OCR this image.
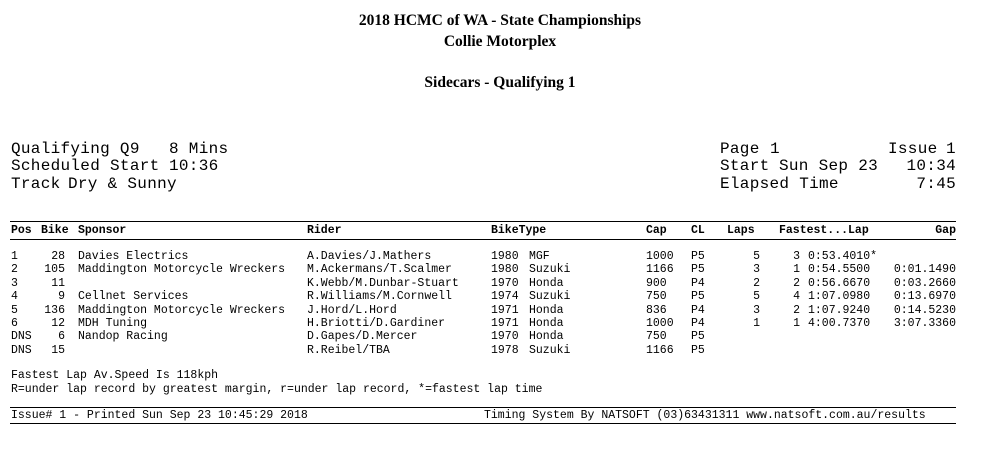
2018 HCMC of WA - State Championships
Collie Motorplex
Sidecars - Qualifying 1
Qualifying Q9 8 Mins
Scheduled Start 10:36
Track Dry & Sunny
Page 1	Issue 1
Start Sun Sep 23	10:34
Elapsed Time	7:45
Pos Bike Sponsor	Rider	BikeType	Cap CL Laps Fastest...Lap	Gap
1	28 Davies Electrics	A.Davies/J.Mathers	1980 MGF	1000 P5	5	3 0:53.4010*
2 105 Maddington Motorcycle Wreckers M.Ackermans/T.Scalmer	1980 Suzuki	1166 P5	3	1 0:54.5500	0:01.1490
3	11	K.Webb/M.Dunbar-Stuart	1970 Honda	900 P4	2	2 0:56.6670	0:03.2660
4	9 Cellnet Services	R.Williams/M.Cornwell	1974 Suzuki	750 P5	5	4 1:07.0980	0:13.6970
5 136 Maddington Motorcycle Wreckers J.Hord/L.Hord	1971 Honda	836 P4	3	2 1:07.9240	0:14.5230
6	12 MDH Tuning	H.Briotti/D.Gardiner	1971 Honda	1000 P4	1	1 4:00.7370	3:07.3360
DNS	6 Nandop Racing	D.Gapes/D.Mercer	1970 Honda	750 P5
DNS	15	R.Reibel/TBA	1978 Suzuki	1166 P5
Fastest Lap Av.Speed Is 118kph
R=under lap record by greatest margin, r=under lap record, *=fastest lap time
Issue# 1 - Printed Sun Sep 23 10:45:29 2018	Timing System By NATSOFT (03)63431311 www.natsoft.com.au/results
